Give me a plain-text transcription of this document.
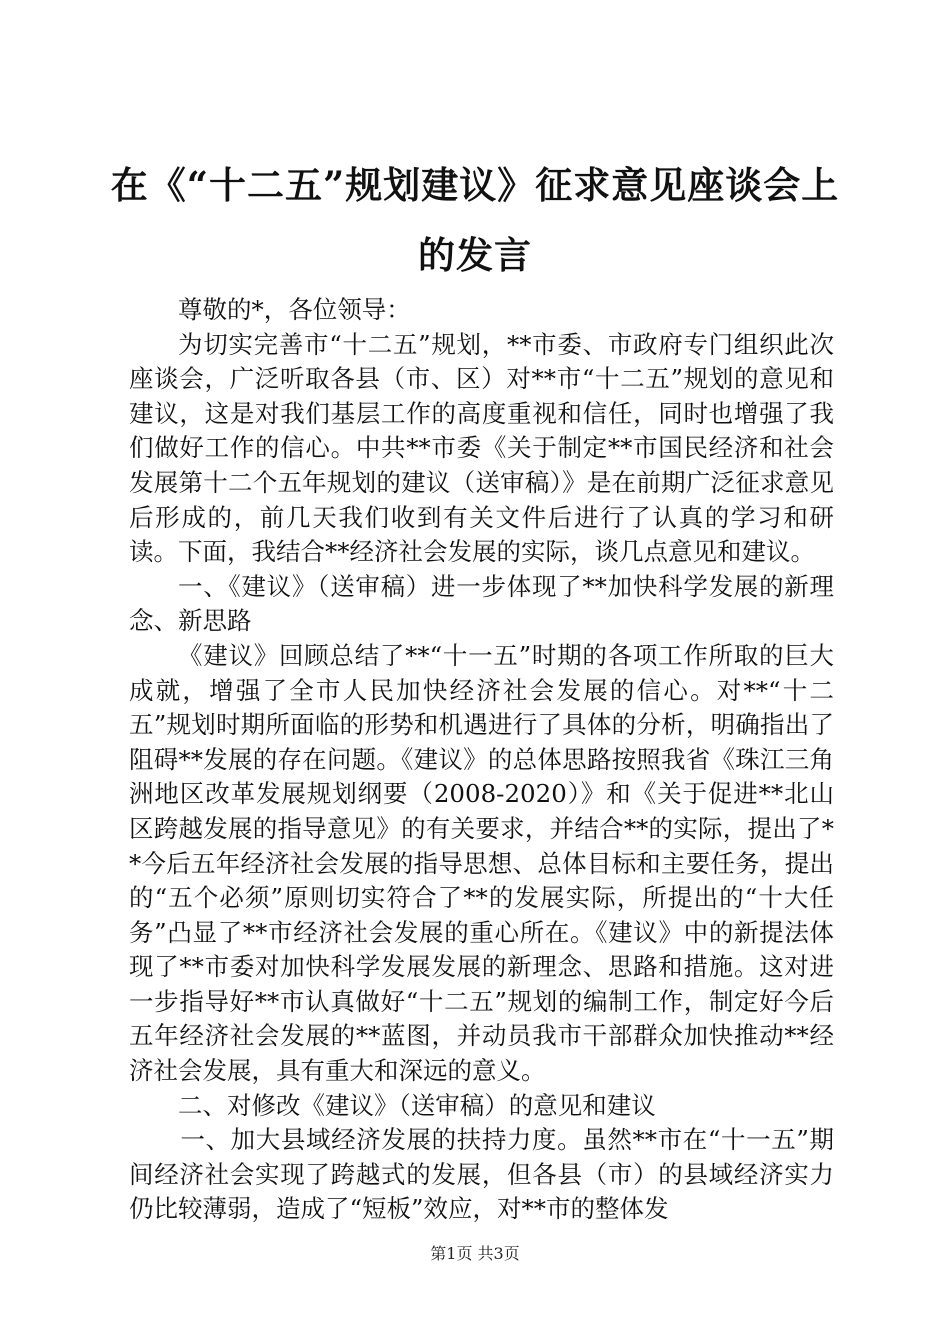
在《“十二五”规划建议》征求意见座谈会上
的发言

尊敬的*，各位领导：

为切实完善市“十二五”规划，**市委、市政府专门组织此次座谈会，广泛听取各县（市、区）对**市“十二五”规划的意见和建议，这是对我们基层工作的高度重视和信任，同时也增强了我们做好工作的信心。中共**市委《关于制定**市国民经济和社会发展第十二个五年规划的建议（送审稿）》是在前期广泛征求意见后形成的，前几天我们收到有关文件后进行了认真的学习和研读。下面，我结合**经济社会发展的实际，谈几点意见和建议。

一、《建议》（送审稿）进一步体现了**加快科学发展的新理念、新思路

《建议》回顾总结了**“十一五”时期的各项工作所取的巨大成就，增强了全市人民加快经济社会发展的信心。对**“十二五”规划时期所面临的形势和机遇进行了具体的分析，明确指出了阻碍**发展的存在问题。《建议》的总体思路按照我省《珠江三角洲地区改革发展规划纲要（2008-2020）》和《关于促进**北山区跨越发展的指导意见》的有关要求，并结合**的实际，提出了**今后五年经济社会发展的指导思想、总体目标和主要任务，提出的“五个必须”原则切实符合了**的发展实际，所提出的“十大任务”凸显了**市经济社会发展的重心所在。《建议》中的新提法体现了**市委对加快科学发展发展的新理念、思路和措施。这对进一步指导好**市认真做好“十二五”规划的编制工作，制定好今后五年经济社会发展的**蓝图，并动员我市干部群众加快推动**经济社会发展，具有重大和深远的意义。

二、对修改《建议》（送审稿）的意见和建议

一、加大县域经济发展的扶持力度。虽然**市在“十一五”期间经济社会实现了跨越式的发展，但各县（市）的县域经济实力仍比较薄弱，造成了“短板”效应，对**市的整体发

第1页 共3页
